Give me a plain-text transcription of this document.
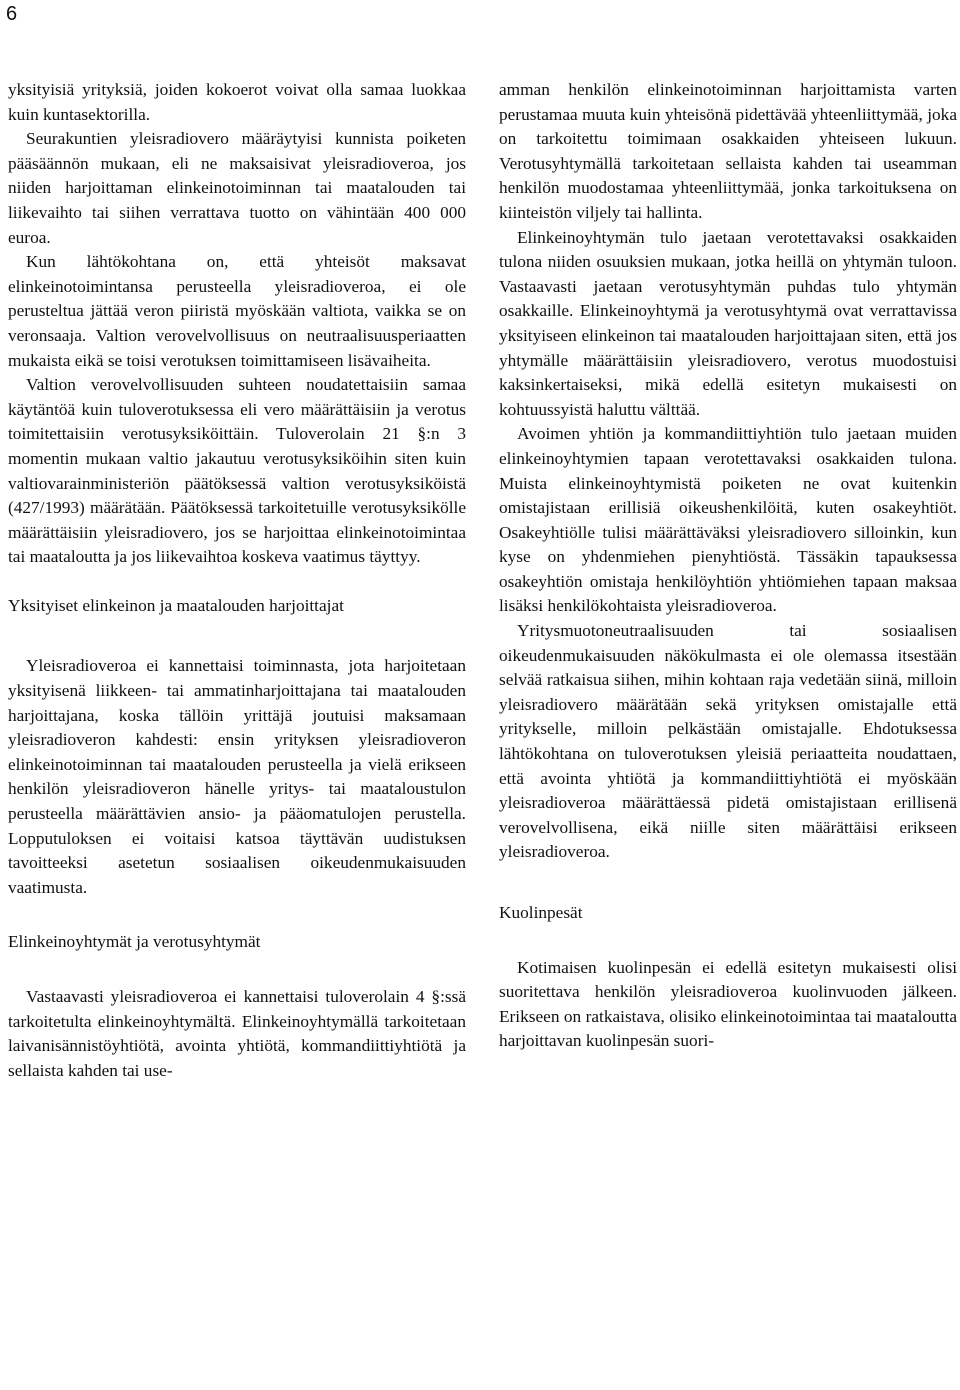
6

yksityisiä yrityksiä, joiden kokoerot voivat olla samaa luokkaa kuin kuntasektorilla.

Seurakuntien yleisradiovero määräytyisi kunnista poiketen pääsäännön mukaan, eli ne maksaisivat yleisradioveroa, jos niiden harjoittaman elinkeinotoiminnan tai maatalouden tai liikevaihto tai siihen verrattava tuotto on vähintään 400 000 euroa.

Kun lähtökohtana on, että yhteisöt maksavat elinkeinotoimintansa perusteella yleisradioveroa, ei ole perusteltua jättää veron piiristä myöskään valtiota, vaikka se on veronsaaja. Valtion verovelvollisuus on neutraalisuusperiaatten mukaista eikä se toisi verotuksen toimittamiseen lisävaiheita.

Valtion verovelvollisuuden suhteen noudatettaisiin samaa käytäntöä kuin tuloverotuksessa eli vero määrättäisiin ja verotus toimitettaisiin verotusyksiköittäin. Tuloverolain 21 §:n 3 momentin mukaan valtio jakautuu verotusyksiköihin siten kuin valtiovarainministeriön päätöksessä valtion verotusyksiköistä (427/1993) määrätään. Päätöksessä tarkoitetuille verotusyksikölle määrättäisiin yleisradiovero, jos se harjoittaa elinkeinotoimintaa tai maataloutta ja jos liikevaihtoa koskeva vaatimus täyttyy.

Yksityiset elinkeinon ja maatalouden harjoittajat

Yleisradioveroa ei kannettaisi toiminnasta, jota harjoitetaan yksityisenä liikkeen- tai ammatinharjoittajana tai maatalouden harjoittajana, koska tällöin yrittäjä joutuisi maksamaan yleisradioveron kahdesti: ensin yrityksen yleisradioveron elinkeinotoiminnan tai maatalouden perusteella ja vielä erikseen henkilön yleisradioveron hänelle yritys- tai maataloustulon perusteella määrättävien ansio- ja pääomatulojen perustella. Lopputuloksen ei voitaisi katsoa täyttävän uudistuksen tavoitteeksi asetetun sosiaalisen oikeudenmukaisuuden vaatimusta.

Elinkeinoyhtymät ja verotusyhtymät

Vastaavasti yleisradioveroa ei kannettaisi tuloverolain 4 §:ssä tarkoitetulta elinkeinoyhtymältä. Elinkeinoyhtymällä tarkoitetaan laivanisännistöyhtiötä, avointa yhtiötä, kommandiittiyhtiötä ja sellaista kahden tai use-

amman henkilön elinkeinotoiminnan harjoittamista varten perustamaa muuta kuin yhteisönä pidettävää yhteenliittymää, joka on tarkoitettu toimimaan osakkaiden yhteiseen lukuun. Verotusyhtymällä tarkoitetaan sellaista kahden tai useamman henkilön muodostamaa yhteenliittymää, jonka tarkoituksena on kiinteistön viljely tai hallinta.

Elinkeinoyhtymän tulo jaetaan verotettavaksi osakkaiden tulona niiden osuuksien mukaan, jotka heillä on yhtymän tuloon. Vastaavasti jaetaan verotusyhtymän puhdas tulo yhtymän osakkaille. Elinkeinoyhtymä ja verotusyhtymä ovat verrattavissa yksityiseen elinkeinon tai maatalouden harjoittajaan siten, että jos yhtymälle määrättäisiin yleisradiovero, verotus muodostuisi kaksinkertaiseksi, mikä edellä esitetyn mukaisesti on kohtuussyistä haluttu välttää.

Avoimen yhtiön ja kommandiittiyhtiön tulo jaetaan muiden elinkeinoyhtymien tapaan verotettavaksi osakkaiden tulona. Muista elinkeinoyhtymistä poiketen ne ovat kuitenkin omistajistaan erillisiä oikeushenkilöitä, kuten osakeyhtiöt. Osakeyhtiölle tulisi määrättäväksi yleisradiovero silloinkin, kun kyse on yhdenmiehen pienyhtiöstä. Tässäkin tapauksessa osakeyhtiön omistaja henkilöyhtiön yhtiömiehen tapaan maksaa lisäksi henkilökohtaista yleisradioveroa.

Yritysmuotoneutraalisuuden tai sosiaalisen oikeudenmukaisuuden näkökulmasta ei ole olemassa itsestään selvää ratkaisua siihen, mihin kohtaan raja vedetään siinä, milloin yleisradiovero määrätään sekä yrityksen omistajalle että yritykselle, milloin pelkästään omistajalle. Ehdotuksessa lähtökohtana on tuloverotuksen yleisiä periaatteita noudattaen, että avointa yhtiötä ja kommandiittiyhtiötä ei myöskään yleisradioveroa määrättäessä pidetä omistajistaan erillisenä verovelvollisena, eikä niille siten määrättäisi erikseen yleisradioveroa.

Kuolinpesät

Kotimaisen kuolinpesän ei edellä esitetyn mukaisesti olisi suoritettava henkilön yleisradioveroa kuolinvuoden jälkeen. Erikseen on ratkaistava, olisiko elinkeinotoimintaa tai maataloutta harjoittavan kuolinpesän suori-
